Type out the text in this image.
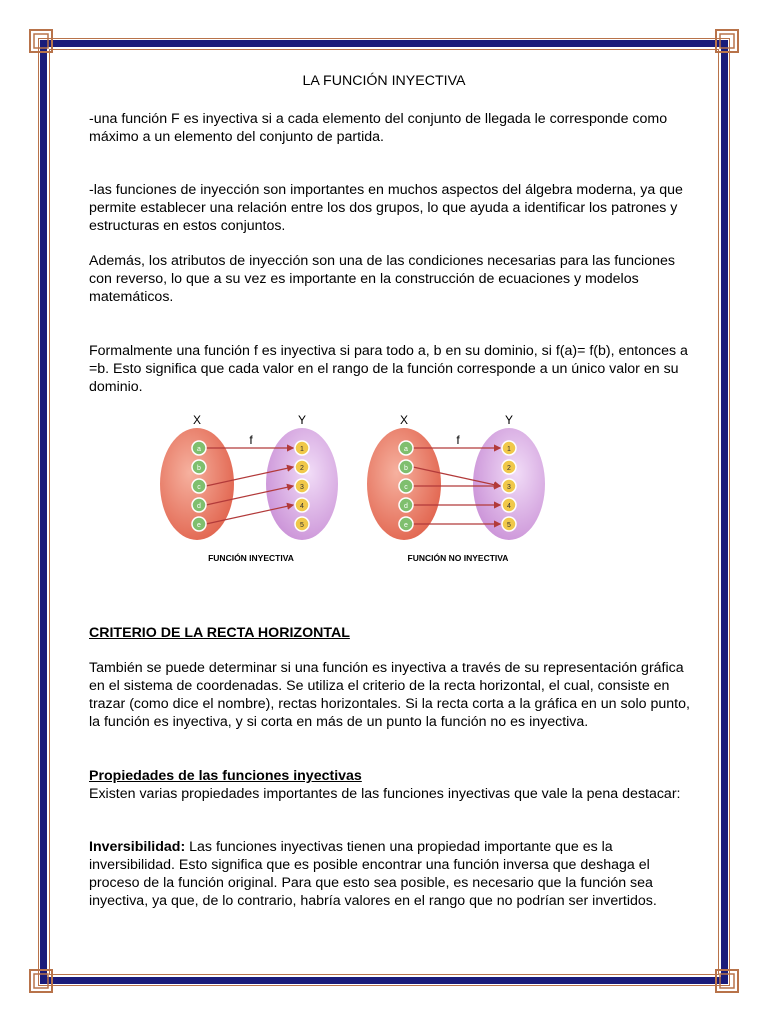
LA FUNCIÓN INYECTIVA
-una función F es inyectiva si a cada elemento del conjunto de llegada le corresponde como máximo a un elemento del conjunto de partida.
-las funciones de inyección son importantes en muchos aspectos del álgebra moderna, ya que permite establecer una relación entre los dos grupos, lo que ayuda a identificar los patrones y estructuras en estos conjuntos.
Además, los atributos de inyección son una de las condiciones necesarias para las funciones con reverso, lo que a su vez es importante en la construcción de ecuaciones y modelos matemáticos.
Formalmente una función f es inyectiva si para todo a, b en su dominio, si f(a)= f(b), entonces a =b. Esto significa que cada valor en el rango de la función corresponde a un único valor en su dominio.
X	Y
f
a
b
c
d
e
1
2
3
4
5
FUNCIÓN INYECTIVA
X	Y
f
a
b
c
d
e
1
2
3
4
5
FUNCIÓN NO INYECTIVA
CRITERIO DE LA RECTA HORIZONTAL
También se puede determinar si una función es inyectiva a través de su representación gráfica en el sistema de coordenadas. Se utiliza el criterio de la recta horizontal, el cual, consiste en trazar (como dice el nombre), rectas horizontales. Si la recta corta a la gráfica en un solo punto, la función es inyectiva, y si corta en más de un punto la función no es inyectiva.
Propiedades de las funciones inyectivas
Existen varias propiedades importantes de las funciones inyectivas que vale la pena destacar:
Inversibilidad: Las funciones inyectivas tienen una propiedad importante que es la inversibilidad. Esto significa que es posible encontrar una función inversa que deshaga el proceso de la función original. Para que esto sea posible, es necesario que la función sea inyectiva, ya que, de lo contrario, habría valores en el rango que no podrían ser invertidos.
